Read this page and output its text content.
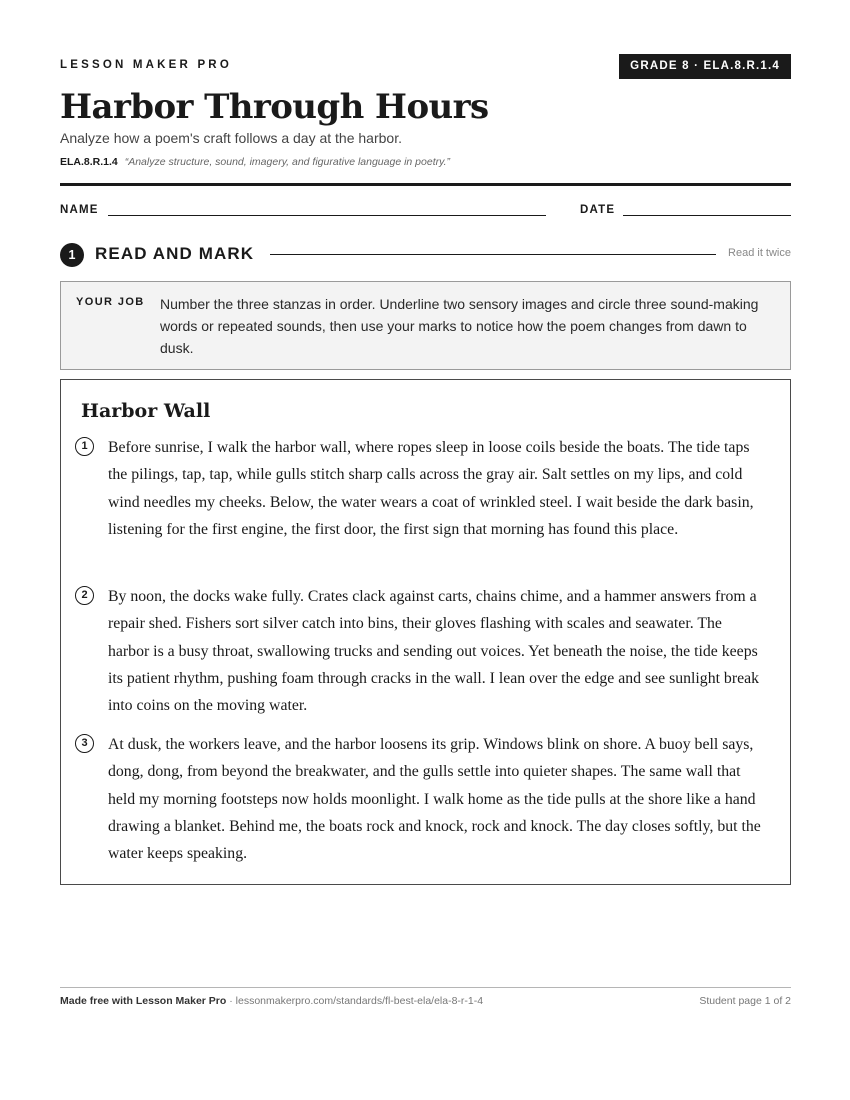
LESSON MAKER PRO	GRADE 8 · ELA.8.R.1.4
Harbor Through Hours
Analyze how a poem's craft follows a day at the harbor.
ELA.8.R.1.4 “Analyze structure, sound, imagery, and figurative language in poetry.”
NAME	DATE
1	READ AND MARK	Read it twice
YOUR JOB Number the three stanzas in order. Underline two sensory images and circle three sound-making words or repeated sounds, then use your marks to notice how the poem changes from dawn to dusk.
Harbor Wall
1	Before sunrise, I walk the harbor wall, where ropes sleep in loose coils beside the boats. The tide taps the pilings, tap, tap, while gulls stitch sharp calls across the gray air. Salt settles on my lips, and cold wind needles my cheeks. Below, the water wears a coat of wrinkled steel. I wait beside the dark basin, listening for the first engine, the first door, the first sign that morning has found this place.

2	By noon, the docks wake fully. Crates clack against carts, chains chime, and a hammer answers from a repair shed. Fishers sort silver catch into bins, their gloves flashing with scales and seawater. The harbor is a busy throat, swallowing trucks and sending out voices. Yet beneath the noise, the tide keeps its patient rhythm, pushing foam through cracks in the wall. I lean over the edge and see sunlight break into coins on the moving water.

3	At dusk, the workers leave, and the harbor loosens its grip. Windows blink on shore. A buoy bell says, dong, dong, from beyond the breakwater, and the gulls settle into quieter shapes. The same wall that held my morning footsteps now holds moonlight. I walk home as the tide pulls at the shore like a hand drawing a blanket. Behind me, the boats rock and knock, rock and knock. The day closes softly, but the water keeps speaking.

Made free with Lesson Maker Pro · lessonmakerpro.com/standards/fl-best-ela/ela-8-r-1-4	Student page 1 of 2
